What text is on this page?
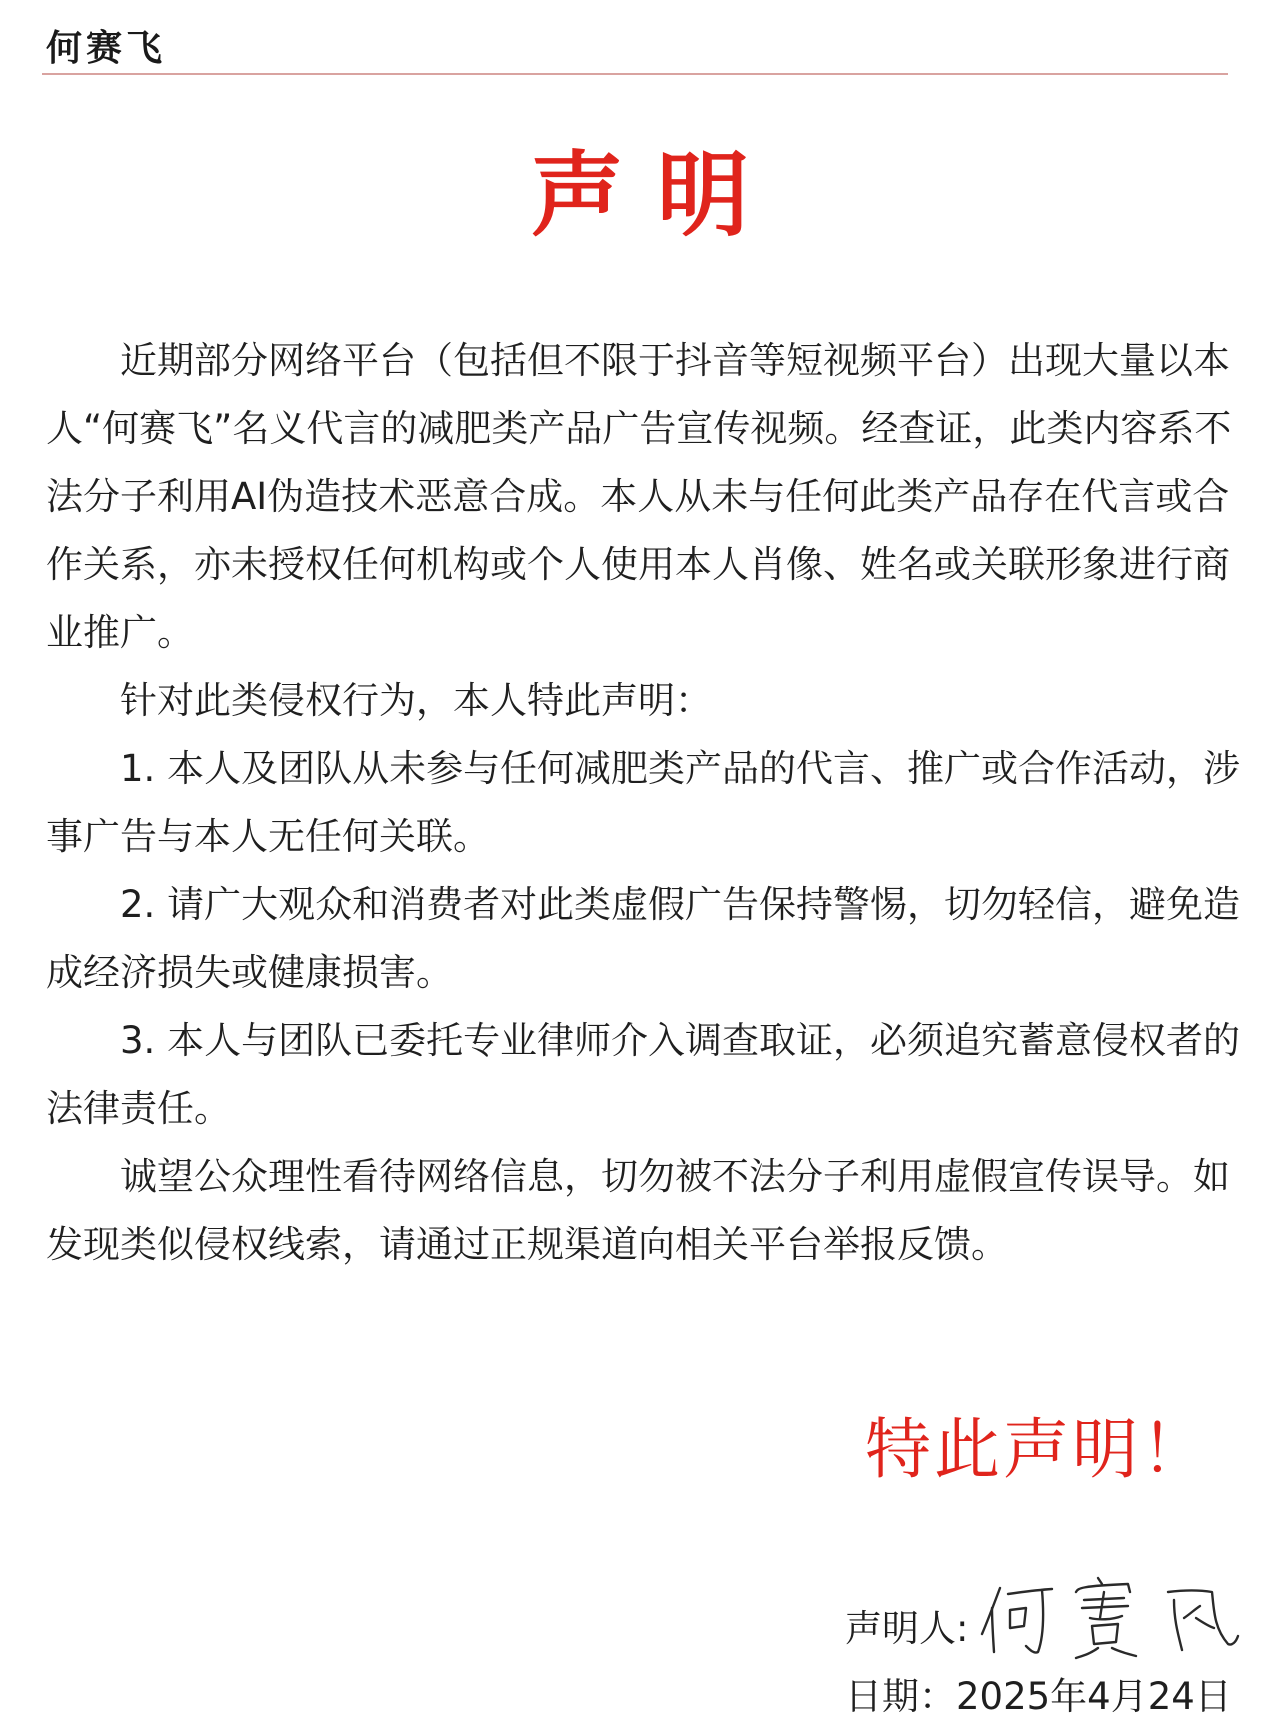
何赛飞
声明

近期部分网络平台（包括但不限于抖音等短视频平台）出现大量以本人“何赛飞”名义代言的减肥类产品广告宣传视频。经查证，此类内容系不法分子利用AI伪造技术恶意合成。本人从未与任何此类产品存在代言或合作关系，亦未授权任何机构或个人使用本人肖像、姓名或关联形象进行商业推广。

针对此类侵权行为，本人特此声明：

1. 本人及团队从未参与任何减肥类产品的代言、推广或合作活动，涉事广告与本人无任何关联。

2. 请广大观众和消费者对此类虚假广告保持警惕，切勿轻信，避免造成经济损失或健康损害。

3. 本人与团队已委托专业律师介入调查取证，必须追究蓄意侵权者的法律责任。

诚望公众理性看待网络信息，切勿被不法分子利用虚假宣传误导。如发现类似侵权线索，请通过正规渠道向相关平台举报反馈。

特此声明！
声明人:
日期：2025年4月24日
